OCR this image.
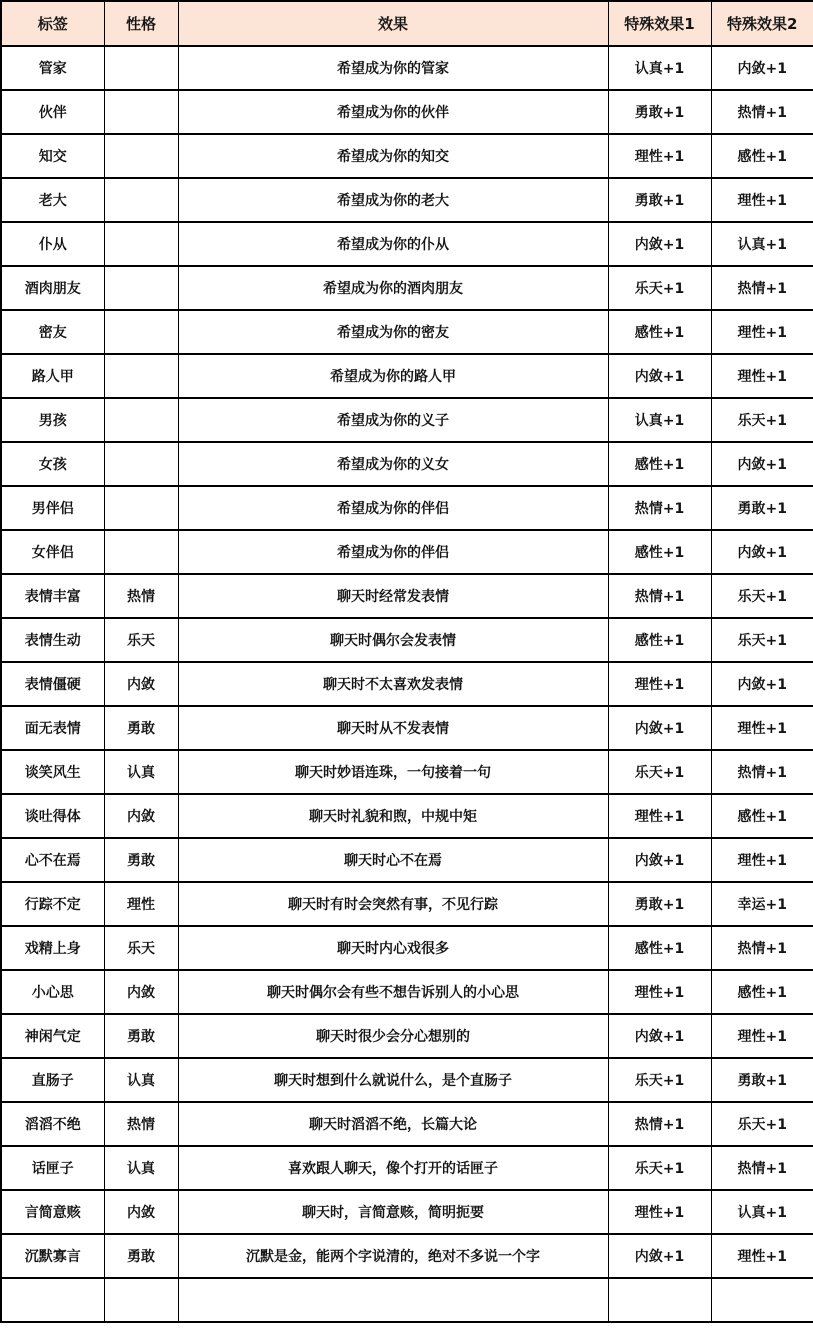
标签	性格	效果	特殊效果1	特殊效果2
管家		希望成为你的管家	认真+1	内敛+1
伙伴		希望成为你的伙伴	勇敢+1	热情+1
知交		希望成为你的知交	理性+1	感性+1
老大		希望成为你的老大	勇敢+1	理性+1
仆从		希望成为你的仆从	内敛+1	认真+1
酒肉朋友		希望成为你的酒肉朋友	乐天+1	热情+1
密友		希望成为你的密友	感性+1	理性+1
路人甲		希望成为你的路人甲	内敛+1	理性+1
男孩		希望成为你的义子	认真+1	乐天+1
女孩		希望成为你的义女	感性+1	内敛+1
男伴侣		希望成为你的伴侣	热情+1	勇敢+1
女伴侣		希望成为你的伴侣	感性+1	内敛+1
表情丰富	热情	聊天时经常发表情	热情+1	乐天+1
表情生动	乐天	聊天时偶尔会发表情	感性+1	乐天+1
表情僵硬	内敛	聊天时不太喜欢发表情	理性+1	内敛+1
面无表情	勇敢	聊天时从不发表情	内敛+1	理性+1
谈笑风生	认真	聊天时妙语连珠，一句接着一句	乐天+1	热情+1
谈吐得体	内敛	聊天时礼貌和煦，中规中矩	理性+1	感性+1
心不在焉	勇敢	聊天时心不在焉	内敛+1	理性+1
行踪不定	理性	聊天时有时会突然有事，不见行踪	勇敢+1	幸运+1
戏精上身	乐天	聊天时内心戏很多	感性+1	热情+1
小心思	内敛	聊天时偶尔会有些不想告诉别人的小心思	理性+1	感性+1
神闲气定	勇敢	聊天时很少会分心想别的	内敛+1	理性+1
直肠子	认真	聊天时想到什么就说什么，是个直肠子	乐天+1	勇敢+1
滔滔不绝	热情	聊天时滔滔不绝，长篇大论	热情+1	乐天+1
话匣子	认真	喜欢跟人聊天，像个打开的话匣子	乐天+1	热情+1
言简意赅	内敛	聊天时，言简意赅，简明扼要	理性+1	认真+1
沉默寡言	勇敢	沉默是金，能两个字说清的，绝对不多说一个字	内敛+1	理性+1
